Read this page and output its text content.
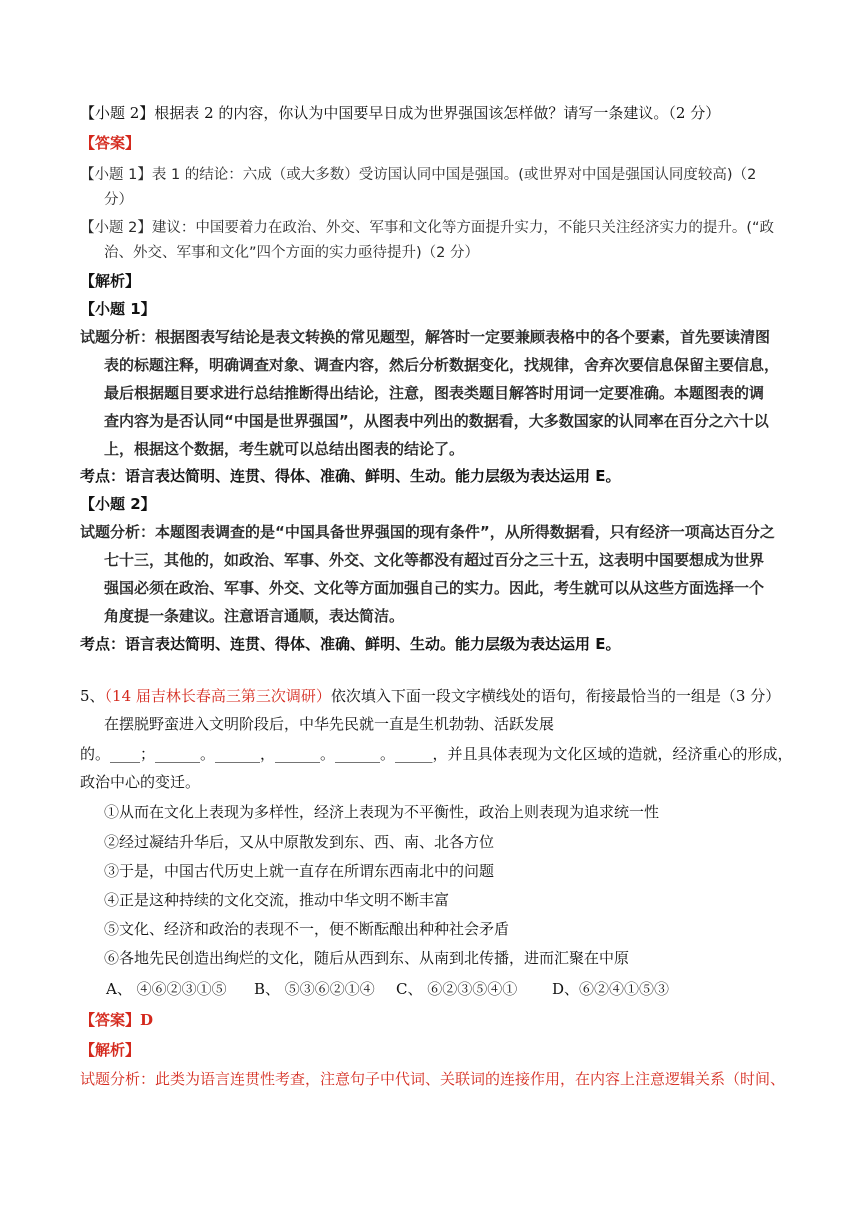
【小题 2】根据表 2 的内容，你认为中国要早日成为世界强国该怎样做？请写一条建议。（2 分）
【答案】
【小题 1】表 1 的结论：六成（或大多数）受访国认同中国是强国。(或世界对中国是强国认同度较高)（2
分）
【小题 2】建议：中国要着力在政治、外交、军事和文化等方面提升实力，不能只关注经济实力的提升。(“政
治、外交、军事和文化”四个方面的实力亟待提升)（2 分）
【解析】
【小题 1】
试题分析：根据图表写结论是表文转换的常见题型，解答时一定要兼顾表格中的各个要素，首先要读清图
表的标题注释，明确调查对象、调查内容，然后分析数据变化，找规律，舍弃次要信息保留主要信息，
最后根据题目要求进行总结推断得出结论，注意，图表类题目解答时用词一定要准确。本题图表的调
查内容为是否认同“中国是世界强国”，从图表中列出的数据看，大多数国家的认同率在百分之六十以
上，根据这个数据，考生就可以总结出图表的结论了。
考点：语言表达简明、连贯、得体、准确、鲜明、生动。能力层级为表达运用 E。
【小题 2】
试题分析：本题图表调查的是“中国具备世界强国的现有条件”，从所得数据看，只有经济一项高达百分之
七十三，其他的，如政治、军事、外交、文化等都没有超过百分之三十五，这表明中国要想成为世界
强国必须在政治、军事、外交、文化等方面加强自己的实力。因此，考生就可以从这些方面选择一个
角度提一条建议。注意语言通顺，表达简洁。
考点：语言表达简明、连贯、得体、准确、鲜明、生动。能力层级为表达运用 E。
5、（14 届吉林长春高三第三次调研）依次填入下面一段文字横线处的语句，衔接最恰当的一组是（3 分）
在摆脱野蛮进入文明阶段后，中华先民就一直是生机勃勃、活跃发展
的。____；______。______，______。______。_____，并且具体表现为文化区域的造就，经济重心的形成，
政治中心的变迁。
①从而在文化上表现为多样性，经济上表现为不平衡性，政治上则表现为追求统一性
②经过凝结升华后，又从中原散发到东、西、南、北各方位
③于是，中国古代历史上就一直存在所谓东西南北中的问题
④正是这种持续的文化交流，推动中华文明不断丰富
⑤文化、经济和政治的表现不一，便不断酝酿出种种社会矛盾
⑥各地先民创造出绚烂的文化，随后从西到东、从南到北传播，进而汇聚在中原
A、 ④⑥②③①⑤ B、 ⑤③⑥②①④ C、 ⑥②③⑤④① D、⑥②④①⑤③
【答案】D
【解析】
试题分析：此类为语言连贯性考查，注意句子中代词、关联词的连接作用，在内容上注意逻辑关系（时间、
